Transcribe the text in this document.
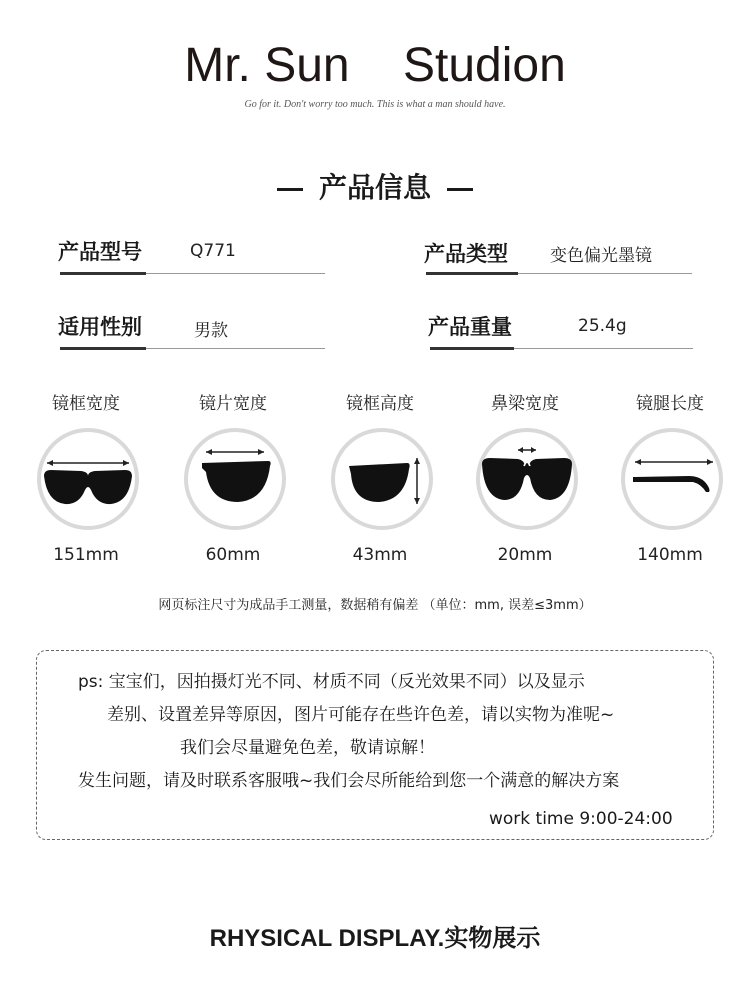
Mr. Sun    Studion
Go for it. Don't worry too much. This is what a man should have.
产品信息
产品型号	Q771	产品类型 变色偏光墨镜
适用性别	男款	产品重量	25.4g
镜框宽度
151mm
镜片宽度
60mm
镜框高度
43mm
鼻梁宽度
20mm
镜腿长度
140mm
网页标注尺寸为成品手工测量，数据稍有偏差 （单位：mm, 误差≤3mm）
ps: 宝宝们，因拍摄灯光不同、材质不同（反光效果不同）以及显示
差别、设置差异等原因，图片可能存在些许色差，请以实物为准呢~
我们会尽量避免色差，敬请谅解！
发生问题，请及时联系客服哦~我们会尽所能给到您一个满意的解决方案
work time 9:00-24:00
RHYSICAL DISPLAY.实物展示
